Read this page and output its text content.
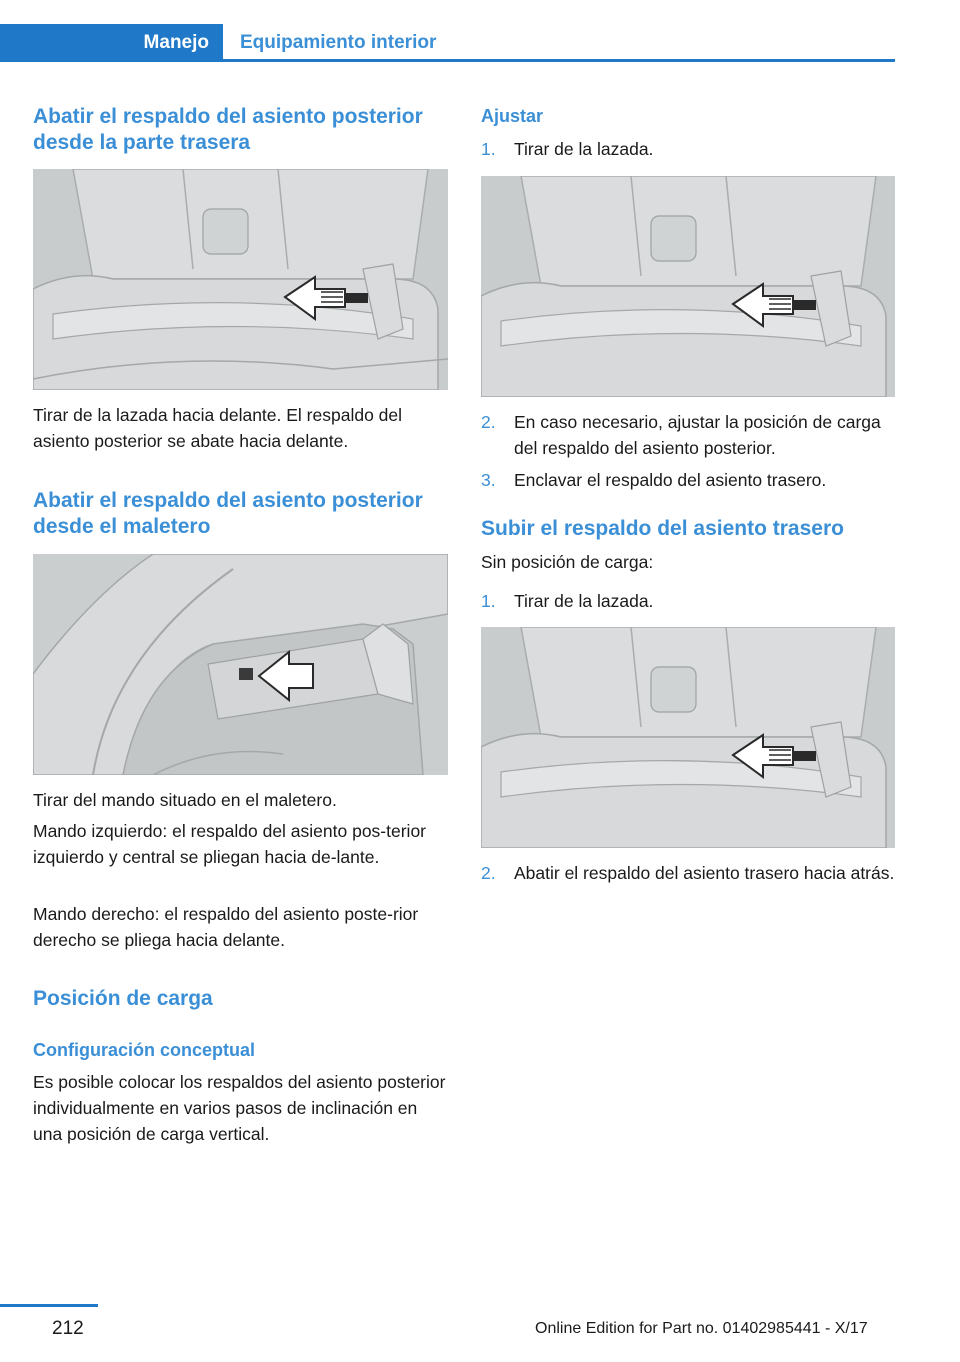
Manejo Equipamiento interior
Abatir el respaldo del asiento posterior desde la parte trasera

Tirar de la lazada hacia delante. El respaldo del asiento posterior se abate hacia delante.

Abatir el respaldo del asiento posterior desde el maletero

Tirar del mando situado en el maletero.

Mando izquierdo: el respaldo del asiento pos‐terior izquierdo y central se pliegan hacia de‐lante.

Mando derecho: el respaldo del asiento poste‐rior derecho se pliega hacia delante.

Posición de carga
Configuración conceptual

Es posible colocar los respaldos del asiento posterior individualmente en varios pasos de inclinación en una posición de carga vertical.

Ajustar
1. Tirar de la lazada.
2. En caso necesario, ajustar la posición de carga del respaldo del asiento posterior.
3. Enclavar el respaldo del asiento trasero.
Subir el respaldo del asiento trasero

Sin posición de carga:

1. Tirar de la lazada.
2. Abatir el respaldo del asiento trasero hacia atrás.
212	Online Edition for Part no. 01402985441 - X/17
